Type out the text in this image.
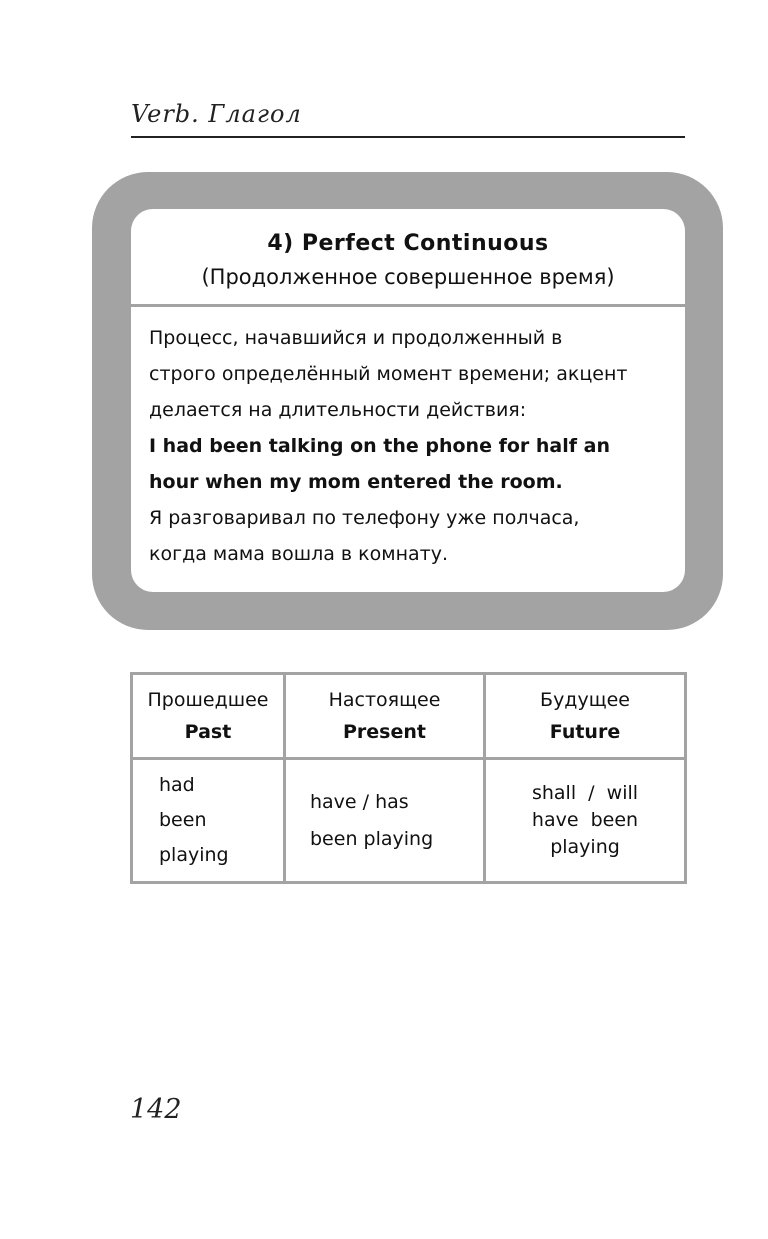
Verb. Глагол
4) Perfect Continuous
(Продолженное совершенное время)
Процесс, начавшийся и продолженный в
строго определённый момент времени; акцент
делается на длительности действия:
I had been talking on the phone for half an
hour when my mom entered the room.
Я разговаривал по телефону уже полчаса,
когда мама вошла в комнату.
Прошедшее
Past	Настоящее
Present	Будущее
Future

had
been
playing	have / has
been playing	shall  /  will
have  been
playing
142
